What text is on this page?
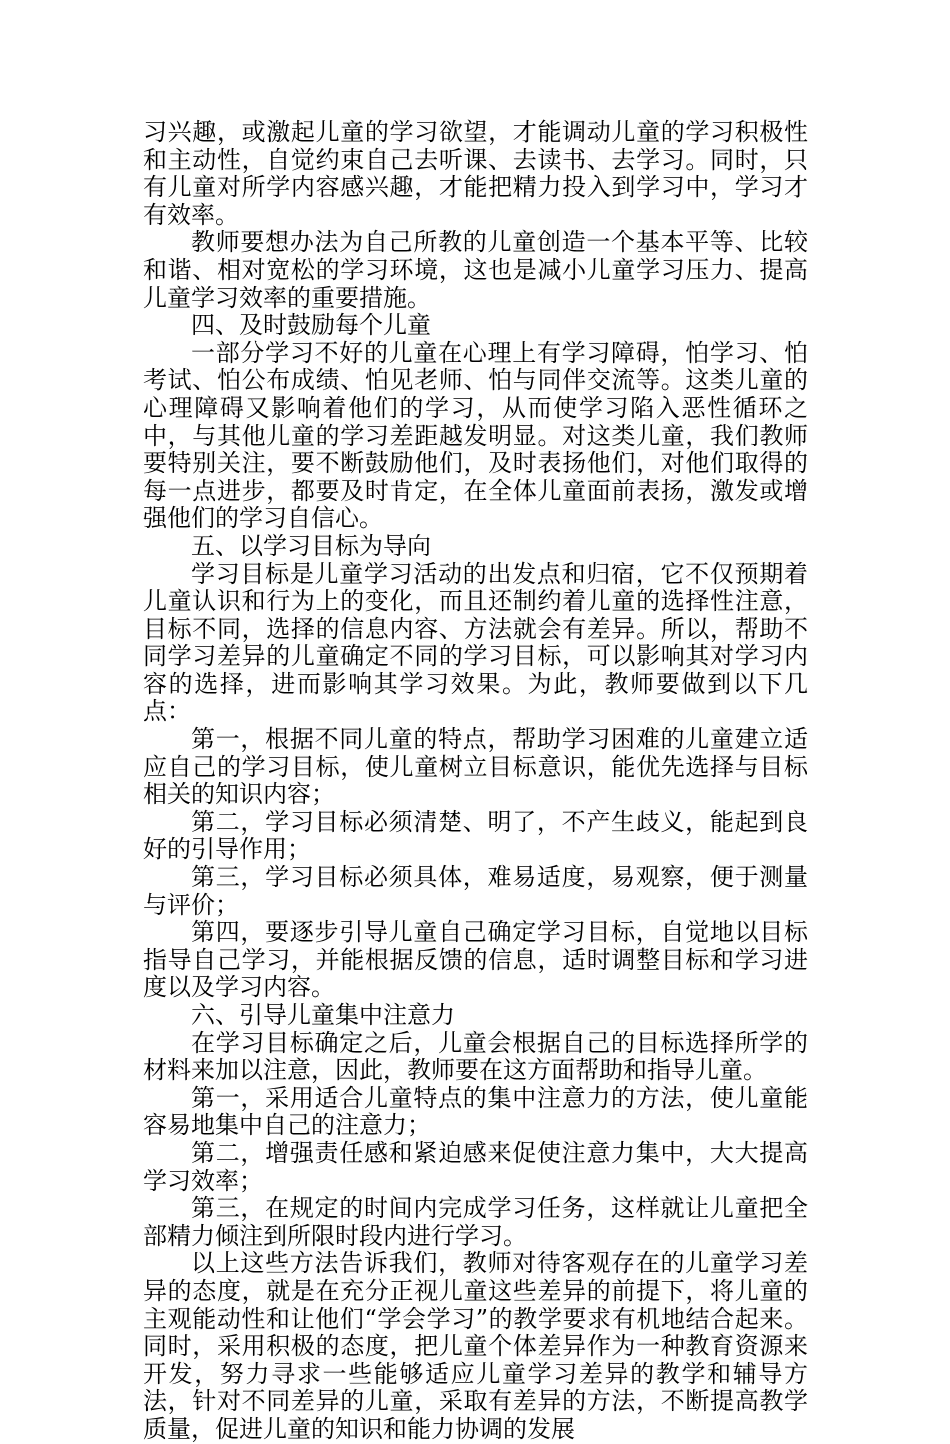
习兴趣，或激起儿童的学习欲望，才能调动儿童的学习积极性和主动性，自觉约束自己去听课、去读书、去学习。同时，只有儿童对所学内容感兴趣，才能把精力投入到学习中，学习才有效率。

教师要想办法为自己所教的儿童创造一个基本平等、比较和谐、相对宽松的学习环境，这也是减小儿童学习压力、提高儿童学习效率的重要措施。

四、及时鼓励每个儿童

一部分学习不好的儿童在心理上有学习障碍，怕学习、怕考试、怕公布成绩、怕见老师、怕与同伴交流等。这类儿童的心理障碍又影响着他们的学习，从而使学习陷入恶性循环之中，与其他儿童的学习差距越发明显。对这类儿童，我们教师要特别关注，要不断鼓励他们，及时表扬他们，对他们取得的每一点进步，都要及时肯定，在全体儿童面前表扬，激发或增强他们的学习自信心。

五、以学习目标为导向

学习目标是儿童学习活动的出发点和归宿，它不仅预期着儿童认识和行为上的变化，而且还制约着儿童的选择性注意，目标不同，选择的信息内容、方法就会有差异。所以，帮助不同学习差异的儿童确定不同的学习目标，可以影响其对学习内容的选择，进而影响其学习效果。为此，教师要做到以下几点：

第一，根据不同儿童的特点，帮助学习困难的儿童建立适应自己的学习目标，使儿童树立目标意识，能优先选择与目标相关的知识内容；

第二，学习目标必须清楚、明了，不产生歧义，能起到良好的引导作用；

第三，学习目标必须具体，难易适度，易观察，便于测量与评价；

第四，要逐步引导儿童自己确定学习目标，自觉地以目标指导自己学习，并能根据反馈的信息，适时调整目标和学习进度以及学习内容。

六、引导儿童集中注意力

在学习目标确定之后，儿童会根据自己的目标选择所学的材料来加以注意，因此，教师要在这方面帮助和指导儿童。

第一，采用适合儿童特点的集中注意力的方法，使儿童能容易地集中自己的注意力；

第二，增强责任感和紧迫感来促使注意力集中，大大提高学习效率；

第三，在规定的时间内完成学习任务，这样就让儿童把全部精力倾注到所限时段内进行学习。

以上这些方法告诉我们，教师对待客观存在的儿童学习差异的态度，就是在充分正视儿童这些差异的前提下，将儿童的主观能动性和让他们“学会学习”的教学要求有机地结合起来。同时，采用积极的态度，把儿童个体差异作为一种教育资源来开发，努力寻求一些能够适应儿童学习差异的教学和辅导方法，针对不同差异的儿童，采取有差异的方法，不断提高教学质量，促进儿童的知识和能力协调的发展
